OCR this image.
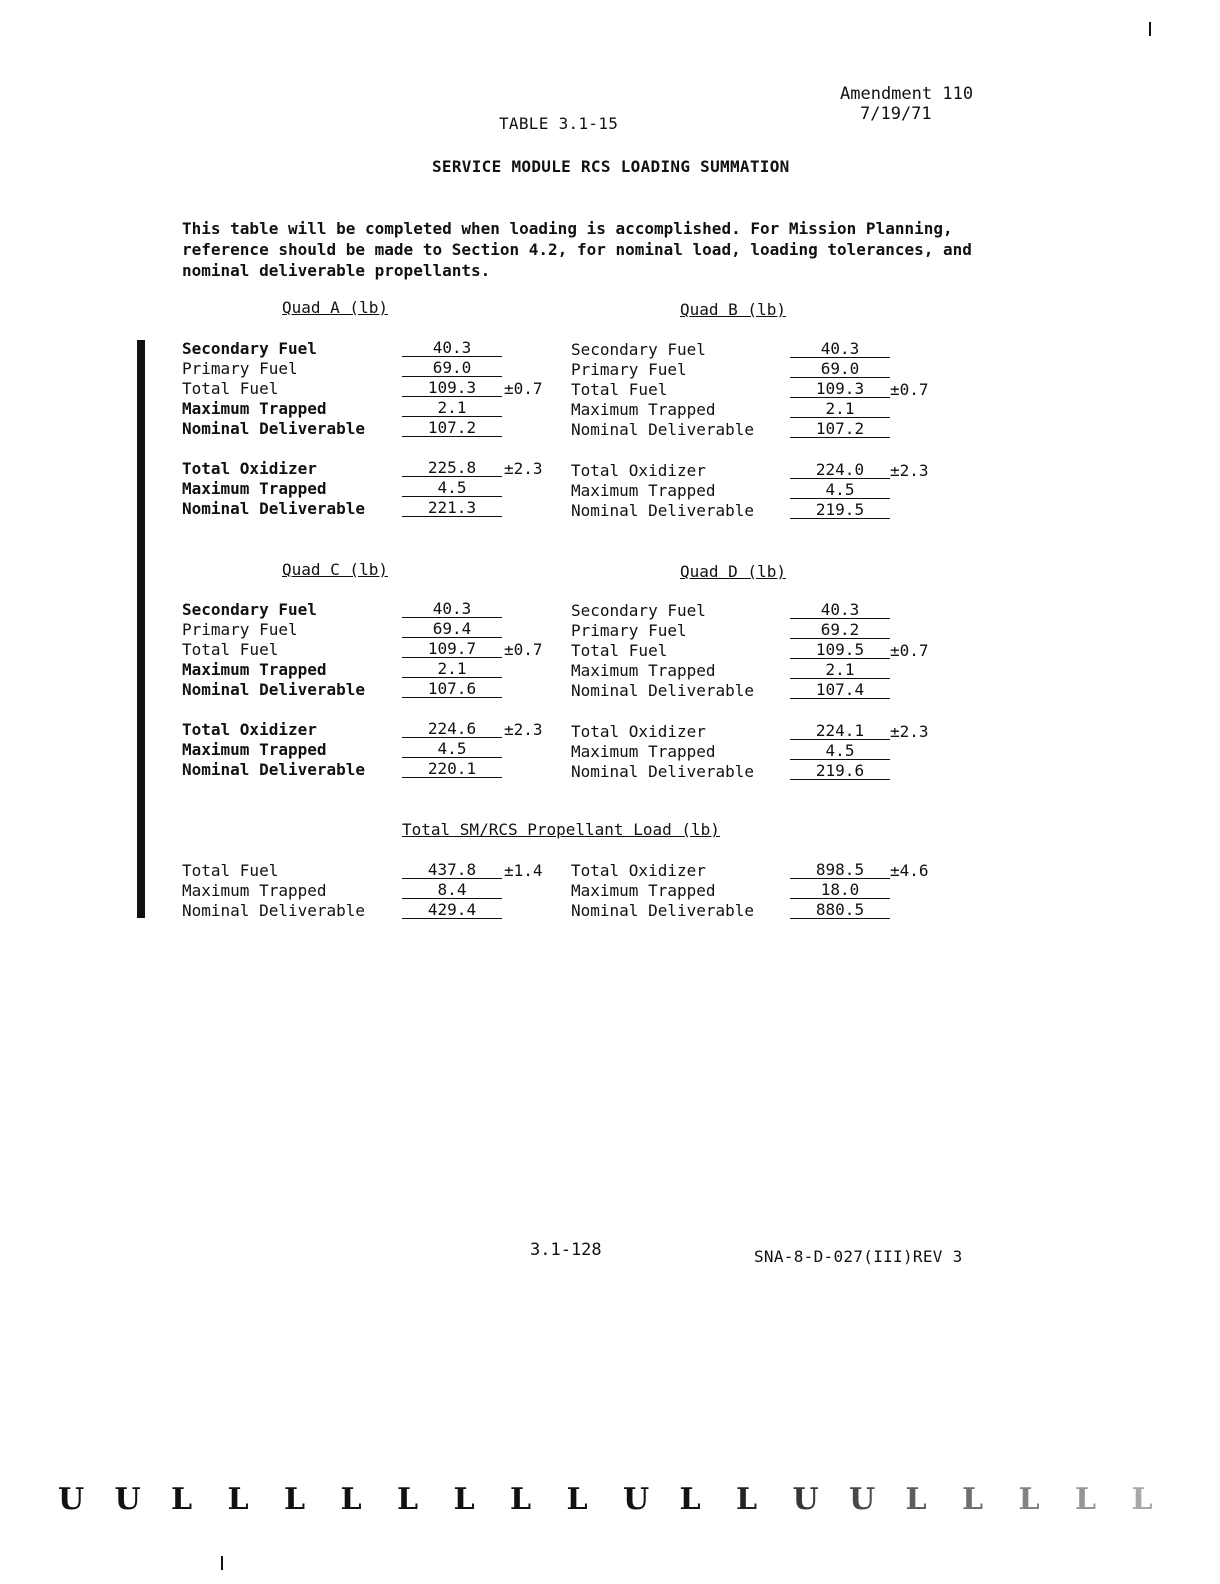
Amendment 110
7/19/71
TABLE 3.1-15
SERVICE MODULE RCS LOADING SUMMATION
This table will be completed when loading is accomplished. For Mission Planning, reference should be made to Section 4.2, for nominal load, loading tolerances, and nominal deliverable propellants.
Quad A (lb)
Secondary Fuel	40.3
Primary Fuel	69.0
Total Fuel	109.3	±0.7
Maximum Trapped	2.1
Nominal Deliverable	107.2
Total Oxidizer	225.8	±2.3
Maximum Trapped	4.5
Nominal Deliverable	221.3
Quad B (lb)
Secondary Fuel	40.3
Primary Fuel	69.0
Total Fuel	109.3	±0.7
Maximum Trapped	2.1
Nominal Deliverable	107.2
Total Oxidizer	224.0	±2.3
Maximum Trapped	4.5
Nominal Deliverable	219.5
Quad C (lb)
Secondary Fuel	40.3
Primary Fuel	69.4
Total Fuel	109.7	±0.7
Maximum Trapped	2.1
Nominal Deliverable	107.6
Total Oxidizer	224.6	±2.3
Maximum Trapped	4.5
Nominal Deliverable	220.1
Quad D (lb)
Secondary Fuel	40.3
Primary Fuel	69.2
Total Fuel	109.5	±0.7
Maximum Trapped	2.1
Nominal Deliverable	107.4
Total Oxidizer	224.1	±2.3
Maximum Trapped	4.5
Nominal Deliverable	219.6
Total SM/RCS Propellant Load (lb)
Total Fuel	437.8	±1.4
Maximum Trapped	8.4
Nominal Deliverable	429.4
Total Oxidizer	898.5	±4.6
Maximum Trapped	18.0
Nominal Deliverable	880.5
3.1-128	SNA-8-D-027(III)REV 3
U U L L L L L L L L U L L U U L L L L L
